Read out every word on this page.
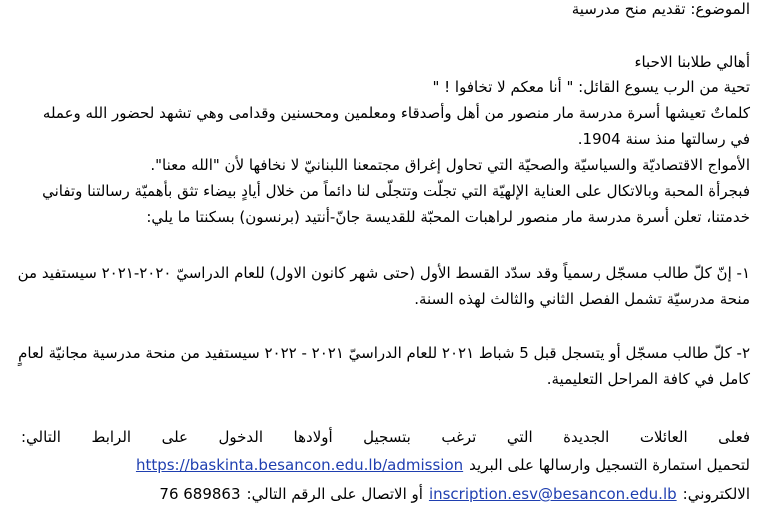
الموضوع: تقديم منح مدرسية
أهالي طلابنا الاحباء
تحية من الرب يسوع القائل: " أنا معكم لا تخافوا ! "
كلماتٌ تعيشها أسرة مدرسة مار منصور من أهل وأصدقاء ومعلمين ومحسنين وقدامى وهي تشهد لحضور الله وعمله
في رسالتها منذ سنة 1904.
الأمواج الاقتصاديّة والسياسيّة والصحيّة التي تحاول إغراق مجتمعنا اللبنانيّ لا نخافها لأن "الله معنا".
فبجرأة المحبة وبالاتكال على العناية الإلهيّة التي تجلّت وتتجلّى لنا دائماً من خلال أيادٍ بيضاء تثق بأهميّة رسالتنا وتفاني
خدمتنا، تعلن أسرة مدرسة مار منصور لراهبات المحبّة للقديسة جانّ-أنتيد (برنسون) بسكنتا ما يلي:
١- إنّ كلّ طالب مسجّل رسمياً وقد سدّد القسط الأول (حتى شهر كانون الاول) للعام الدراسيّ ٢٠٢٠-٢٠٢١ سيستفيد من
منحة مدرسيّة تشمل الفصل الثاني والثالث لهذه السنة.
٢- كلّ طالب مسجّل أو يتسجل قبل 5 شباط ٢٠٢١ للعام الدراسيّ ٢٠٢١ - ٢٠٢٢ سيستفيد من منحة مدرسية مجانيّة لعامٍ
كامل في كافة المراحل التعليمية.
فعلى العائلات الجديدة التي ترغب بتسجيل أولادها الدخول على الرابط التالي:
لتحميل استمارة التسجيل وارسالها على البريد
https://baskinta.besancon.edu.lb/admission
الالكتروني:
inscription.esv@besancon.edu.lb
أو الاتصال على الرقم التالي:
76 689863
